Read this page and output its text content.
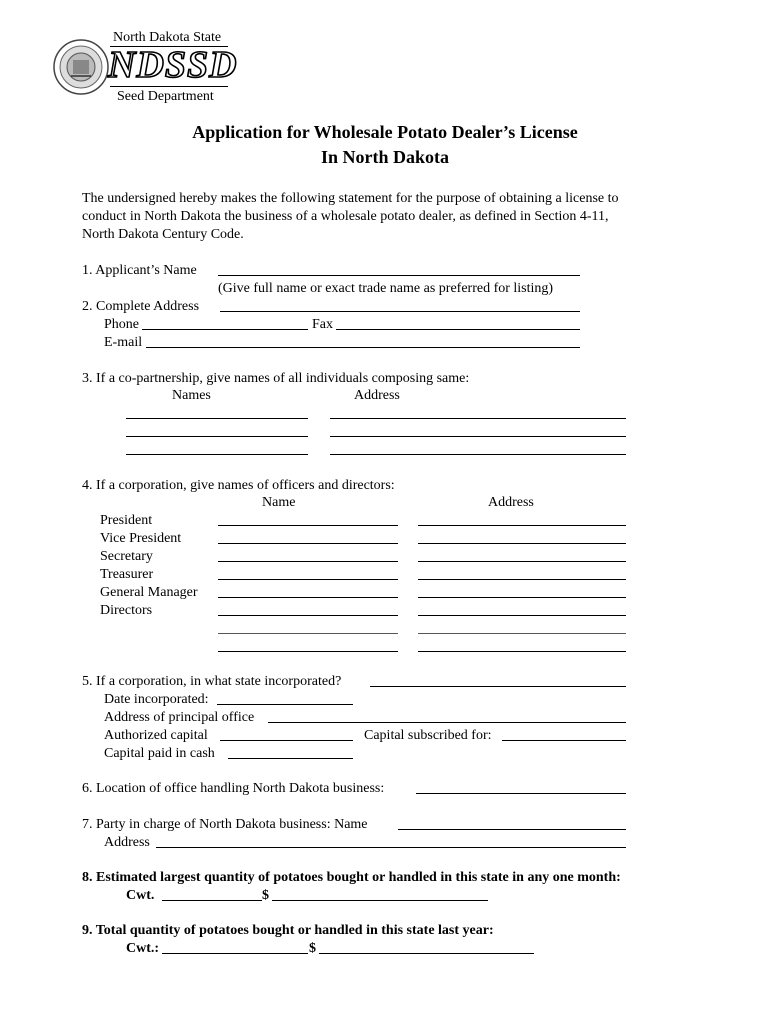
North Dakota State
NDSSD
Seed Department
Application for Wholesale Potato Dealer’s License
In North Dakota
The undersigned hereby makes the following statement for the purpose of obtaining a license to
conduct in North Dakota the business of a wholesale potato dealer, as defined in Section 4-11,
North Dakota Century Code.
1. Applicant’s Name
(Give full name or exact trade name as preferred for listing)
2. Complete Address
Phone	Fax
E-mail
3. If a co-partnership, give names of all individuals composing same:
Names	Address
4. If a corporation, give names of officers and directors:
Name	Address
President
Vice President
Secretary
Treasurer
General Manager
Directors
5. If a corporation, in what state incorporated?
Date incorporated:
Address of principal office
Authorized capital	Capital subscribed for:
Capital paid in cash
6. Location of office handling North Dakota business:
7. Party in charge of North Dakota business: Name
Address
8. Estimated largest quantity of potatoes bought or handled in this state in any one month:
Cwt.	$
9. Total quantity of potatoes bought or handled in this state last year:
Cwt.:	$
